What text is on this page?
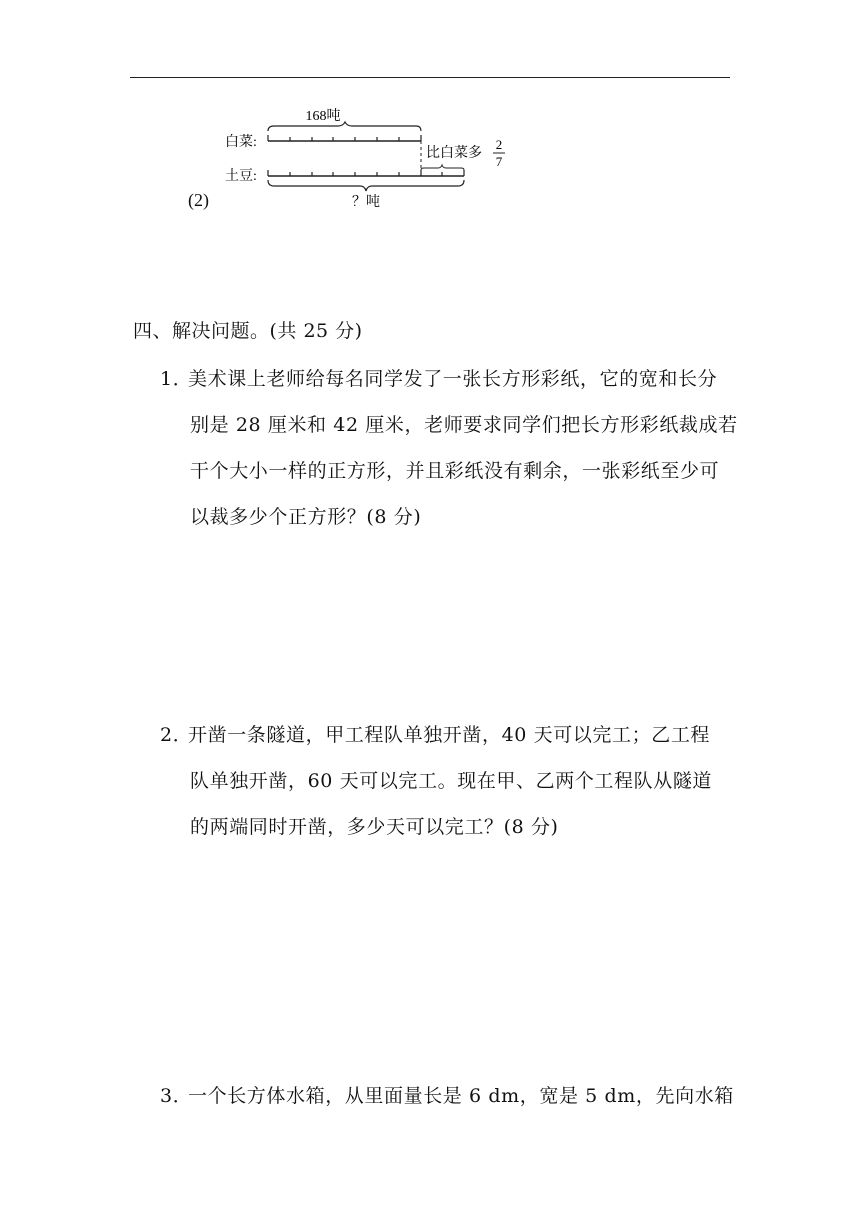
168吨
白菜:
比白菜多
2
7
土豆:
？吨
(2)
四、解决问题。(共 25 分)
1．美术课上老师给每名同学发了一张长方形彩纸，它的宽和长分
别是 28 厘米和 42 厘米，老师要求同学们把长方形彩纸裁成若
干个大小一样的正方形，并且彩纸没有剩余，一张彩纸至少可
以裁多少个正方形？(8 分)
2．开凿一条隧道，甲工程队单独开凿，40 天可以完工；乙工程
队单独开凿，60 天可以完工。现在甲、乙两个工程队从隧道
的两端同时开凿，多少天可以完工？(8 分)
3．一个长方体水箱，从里面量长是 6 dm，宽是 5 dm，先向水箱
